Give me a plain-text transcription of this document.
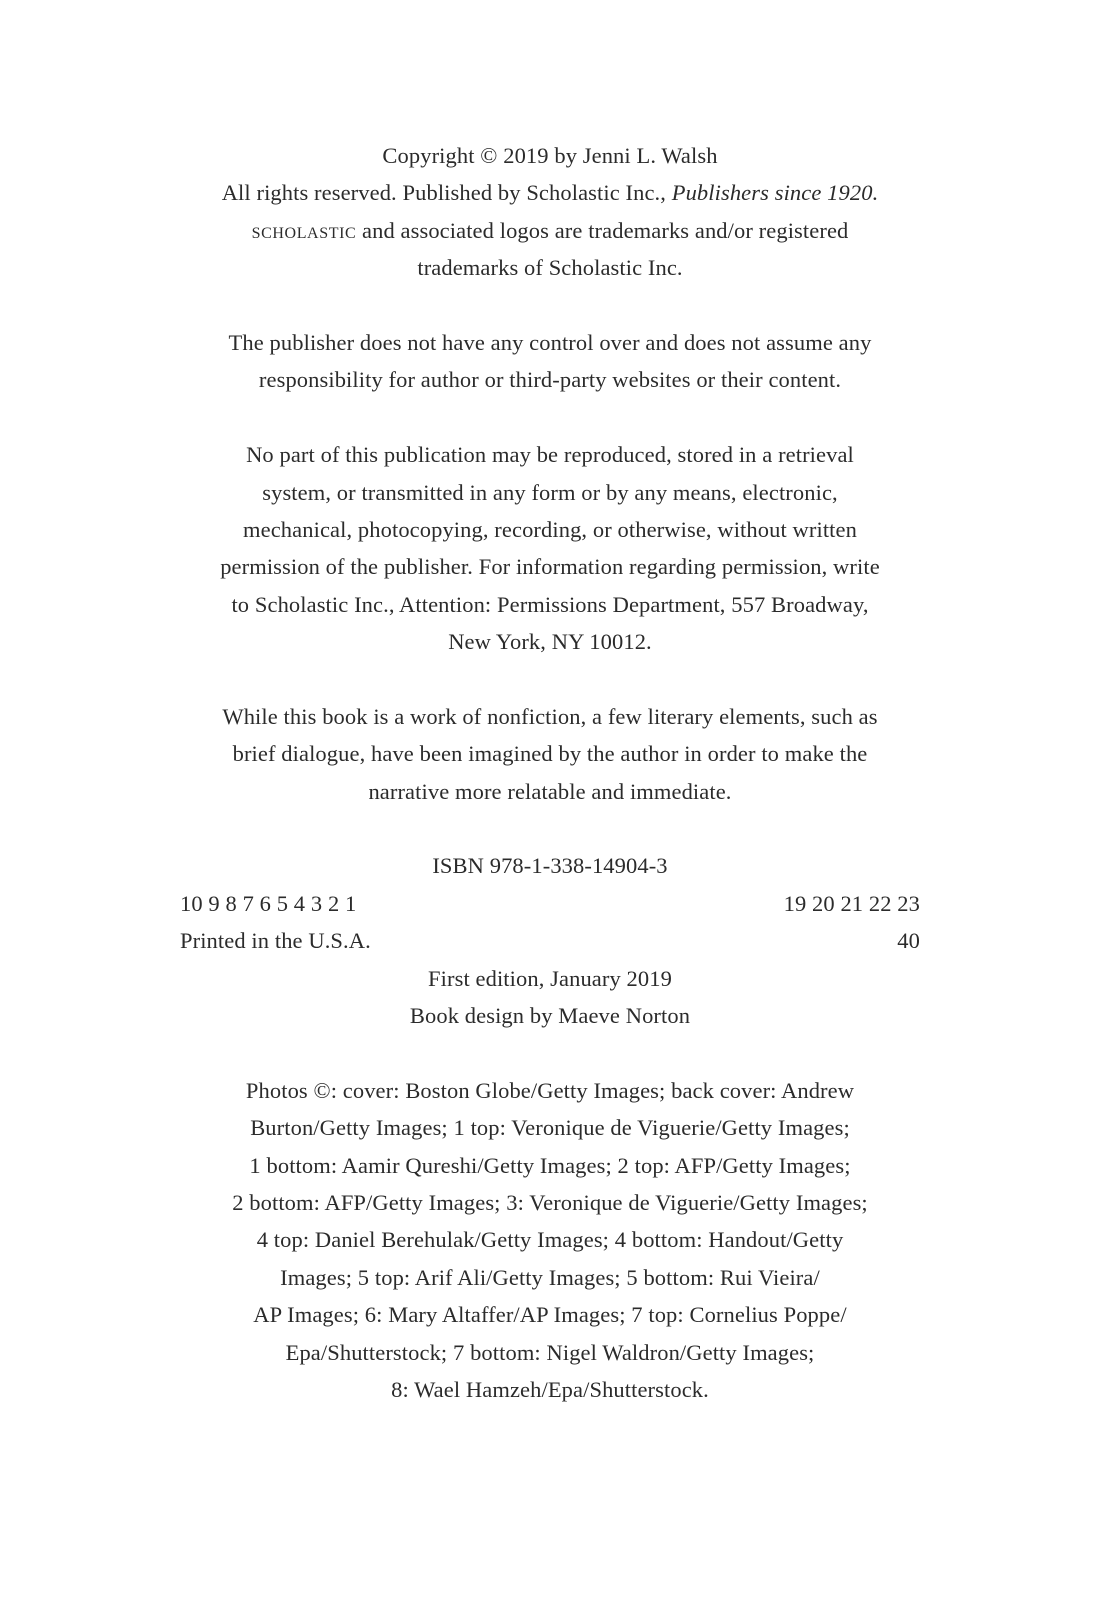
Copyright © 2019 by Jenni L. Walsh
All rights reserved. Published by Scholastic Inc., Publishers since 1920.
scholastic and associated logos are trademarks and/or registered
trademarks of Scholastic Inc.
The publisher does not have any control over and does not assume any
responsibility for author or third-party websites or their content.
No part of this publication may be reproduced, stored in a retrieval
system, or transmitted in any form or by any means, electronic,
mechanical, photocopying, recording, or otherwise, without written
permission of the publisher. For information regarding permission, write
to Scholastic Inc., Attention: Permissions Department, 557 Broadway,
New York, NY 10012.
While this book is a work of nonfiction, a few literary elements, such as
brief dialogue, have been imagined by the author in order to make the
narrative more relatable and immediate.
ISBN 978-1-338-14904-3
10 9 8 7 6 5 4 3 2 1	19 20 21 22 23
Printed in the U.S.A.	40
First edition, January 2019
Book design by Maeve Norton
Photos ©: cover: Boston Globe/Getty Images; back cover: Andrew
Burton/Getty Images; 1 top: Veronique de Viguerie/Getty Images;
1 bottom: Aamir Qureshi/Getty Images; 2 top: AFP/Getty Images;
2 bottom: AFP/Getty Images; 3: Veronique de Viguerie/Getty Images;
4 top: Daniel Berehulak/Getty Images; 4 bottom: Handout/Getty
Images; 5 top: Arif Ali/Getty Images; 5 bottom: Rui Vieira/
AP Images; 6: Mary Altaffer/AP Images; 7 top: Cornelius Poppe/
Epa/Shutterstock; 7 bottom: Nigel Waldron/Getty Images;
8: Wael Hamzeh/Epa/Shutterstock.
